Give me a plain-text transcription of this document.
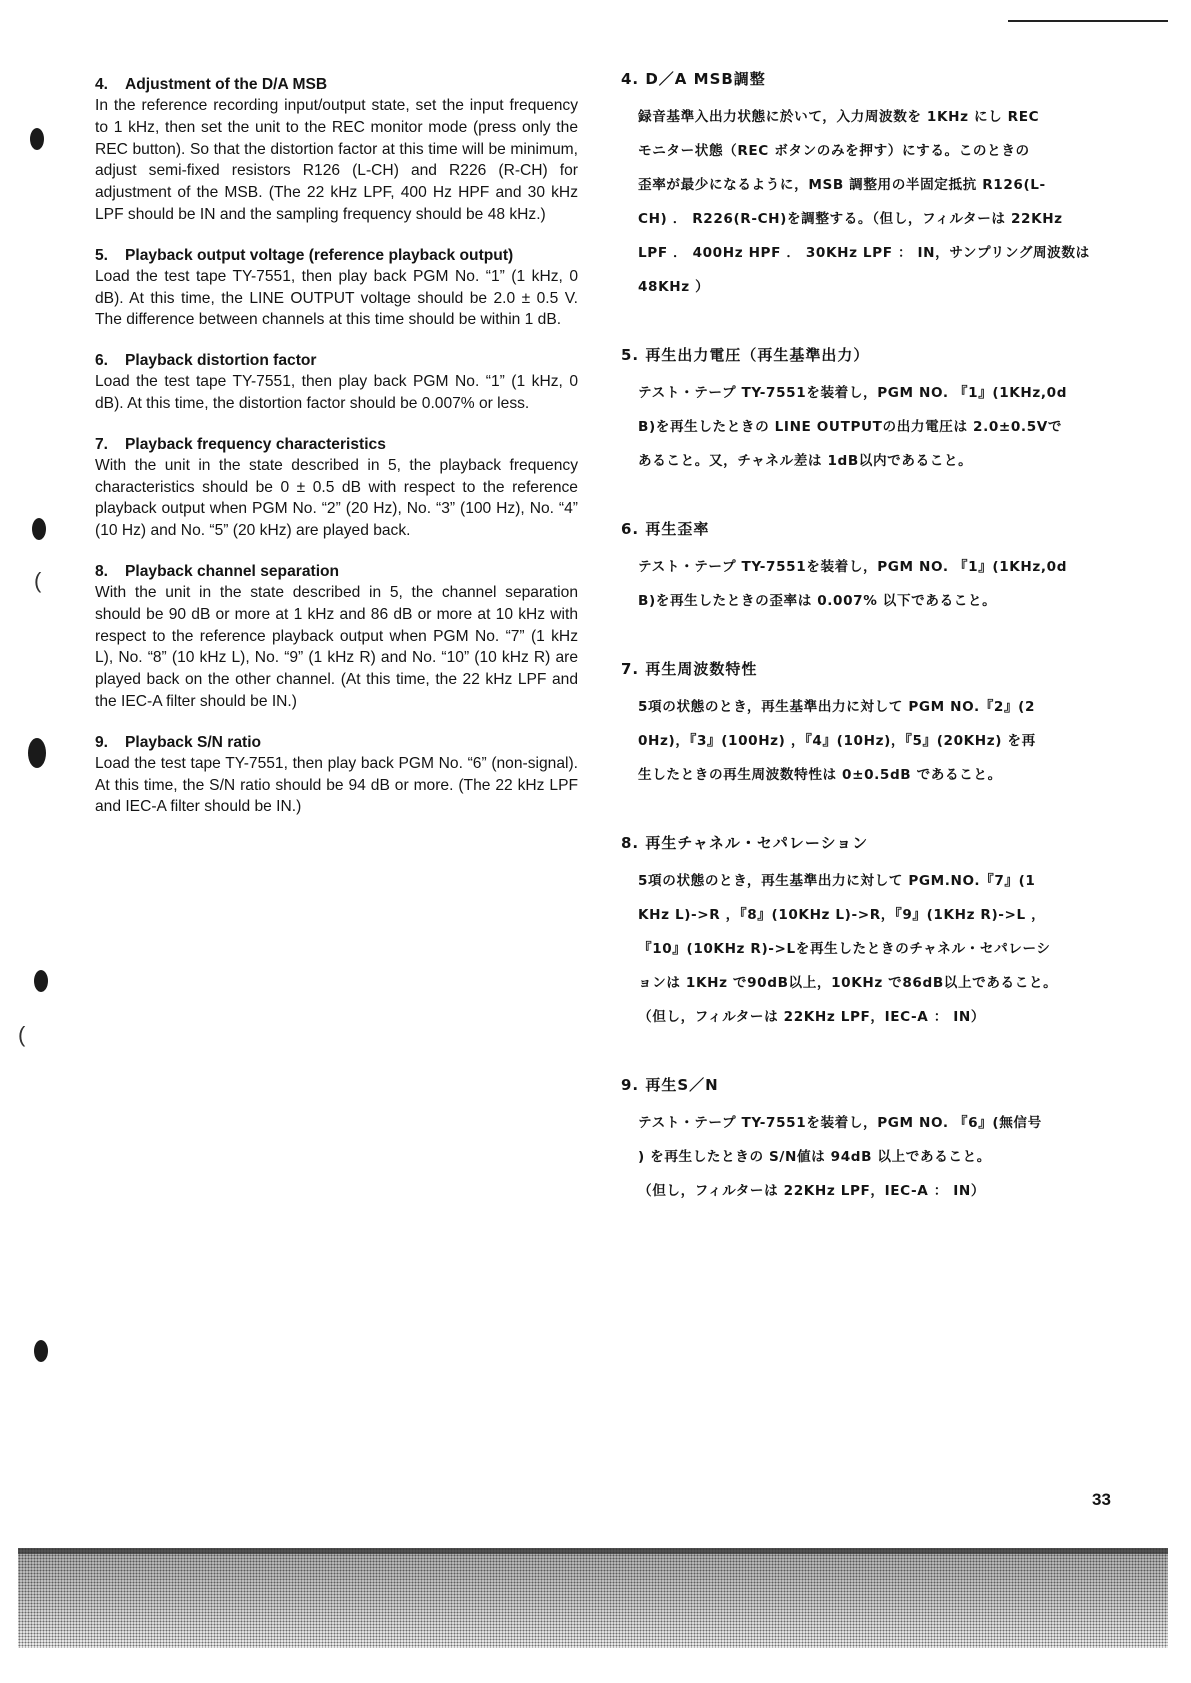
(
(
4. Adjustment of the D/A MSB
In the reference recording input/output state, set the input frequency to 1 kHz, then set the unit to the REC monitor mode (press only the REC button). So that the distortion factor at this time will be minimum, adjust semi-fixed resistors R126 (L-CH) and R226 (R-CH) for adjustment of the MSB. (The 22 kHz LPF, 400 Hz HPF and 30 kHz LPF should be IN and the sampling frequency should be 48 kHz.)
5. Playback output voltage (reference playback output)
Load the test tape TY-7551, then play back PGM No. “1” (1 kHz, 0 dB). At this time, the LINE OUTPUT voltage should be 2.0 ± 0.5 V. The difference between channels at this time should be within 1 dB.
6. Playback distortion factor
Load the test tape TY-7551, then play back PGM No. “1” (1 kHz, 0 dB). At this time, the distortion factor should be 0.007% or less.
7. Playback frequency characteristics
With the unit in the state described in 5, the playback frequency characteristics should be 0 ± 0.5 dB with respect to the reference playback output when PGM No. “2” (20 Hz), No. “3” (100 Hz), No. “4” (10 Hz) and No. “5” (20 kHz) are played back.
8. Playback channel separation
With the unit in the state described in 5, the channel separation should be 90 dB or more at 1 kHz and 86 dB or more at 10 kHz with respect to the reference playback output when PGM No. “7” (1 kHz L), No. “8” (10 kHz L), No. “9” (1 kHz R) and No. “10” (10 kHz R) are played back on the other channel. (At this time, the 22 kHz LPF and the IEC-A filter should be IN.)
9. Playback S/N ratio
Load the test tape TY-7551, then play back PGM No. “6” (non-signal). At this time, the S/N ratio should be 94 dB or more. (The 22 kHz LPF and IEC-A filter should be IN.)
4. D／A MSB調整
録音基準入出力状態に於いて，入力周波数を 1KHz にし REC
モニター状態（REC ボタンのみを押す）にする。このときの
歪率が最少になるように，MSB 調整用の半固定抵抗 R126(L-
CH) ． R226(R-CH)を調整する。（但し，フィルターは 22KHz
LPF ． 400Hz HPF ． 30KHz LPF ： IN，サンプリング周波数は
48KHz ）
5. 再生出力電圧（再生基準出力）
テスト・テープ TY-7551を装着し，PGM NO. 『1』(1KHz,0d
B)を再生したときの LINE OUTPUTの出力電圧は 2.0±0.5Vで
あること。又，チャネル差は 1dB以内であること。
6. 再生歪率
テスト・テープ TY-7551を装着し，PGM NO. 『1』(1KHz,0d
B)を再生したときの歪率は 0.007% 以下であること。
7. 再生周波数特性
5項の状態のとき，再生基準出力に対して PGM NO.『2』(2
0Hz)，『3』(100Hz) ，『4』(10Hz)，『5』(20KHz) を再
生したときの再生周波数特性は 0±0.5dB であること。
8. 再生チャネル・セパレーション
5項の状態のとき，再生基準出力に対して PGM.NO.『7』(1
KHz L)->R ，『8』(10KHz L)->R，『9』(1KHz R)->L ，
『10』(10KHz R)->Lを再生したときのチャネル・セパレーシ
ョンは 1KHz で90dB以上，10KHz で86dB以上であること。
（但し，フィルターは 22KHz LPF，IEC-A ： IN）
9. 再生S／N
テスト・テープ TY-7551を装着し，PGM NO. 『6』(無信号
) を再生したときの S/N値は 94dB 以上であること。
（但し，フィルターは 22KHz LPF，IEC-A ： IN）
33
